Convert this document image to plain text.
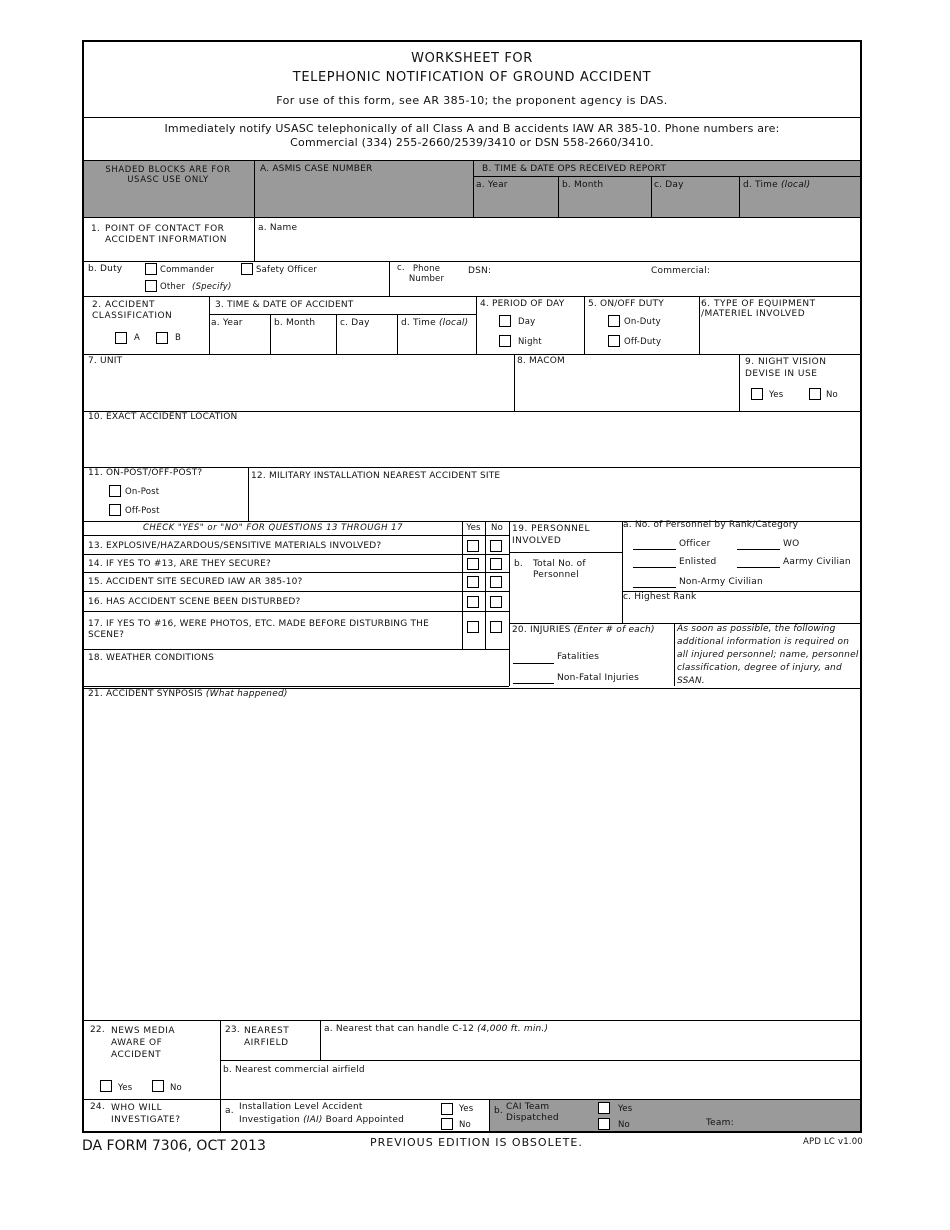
WORKSHEET FOR
TELEPHONIC NOTIFICATION OF GROUND ACCIDENT
For use of this form, see AR 385-10; the proponent agency is DAS.
Immediately notify USASC telephonically of all Class A and B accidents IAW AR 385-10. Phone numbers are:
Commercial (334) 255-2660/2539/3410 or DSN 558-2660/3410.
SHADED BLOCKS ARE FOR USASC USE ONLY
A. ASMIS CASE NUMBER	B. TIME & DATE OPS RECEIVED REPORT
a. Year	b. Month	c. Day	d. Time (local)
1. POINT OF CONTACT FOR ACCIDENT INFORMATION
a. Name
b. Duty	Commander	Safety Officer
Other (Specify)
c. Phone Number
DSN:	Commercial:
2. ACCIDENT CLASSIFICATION
A	B
3. TIME & DATE OF ACCIDENT
a. Year	b. Month	c. Day	d. Time (local)
4. PERIOD OF DAY
Day
Night
5. ON/OFF DUTY
On-Duty
Off-Duty
6. TYPE OF EQUIPMENT /MATERIEL INVOLVED
7. UNIT	8. MACOM	9. NIGHT VISION DEVISE IN USE
Yes	No
10. EXACT ACCIDENT LOCATION
11. ON-POST/OFF-POST?
On-Post
Off-Post
12. MILITARY INSTALLATION NEAREST ACCIDENT SITE
CHECK "YES" or "NO" FOR QUESTIONS 13 THROUGH 17	Yes	No
13. EXPLOSIVE/HAZARDOUS/SENSITIVE MATERIALS INVOLVED?
14. IF YES TO #13, ARE THEY SECURE?
15. ACCIDENT SITE SECURED IAW AR 385-10?
16. HAS ACCIDENT SCENE BEEN DISTURBED?
17. IF YES TO #16, WERE PHOTOS, ETC. MADE BEFORE DISTURBING THE SCENE?
18. WEATHER CONDITIONS
19. PERSONNEL INVOLVED
b. Total No. of Personnel
a. No. of Personnel by Rank/Category
Officer	WO
Enlisted	Aarmy Civilian
Non-Army Civilian
c. Highest Rank
20. INJURIES (Enter # of each)
Fatalities
Non-Fatal Injuries
As soon as possible, the following additional information is required on all injured personnel; name, personnel classification, degree of injury, and SSAN.
21. ACCIDENT SYNPOSIS (What happened)
22. NEWS MEDIA AWARE OF ACCIDENT
Yes	No
23. NEAREST AIRFIELD
a. Nearest that can handle C-12 (4,000 ft. min.)
b. Nearest commercial airfield
24. WHO WILL INVESTIGATE?
a. Installation Level Accident
Investigation (IAI) Board Appointed
Yes
No
b. CAI Team Dispatched
Yes
No	Team:
DA FORM 7306, OCT 2013	PREVIOUS EDITION IS OBSOLETE.	APD LC v1.00
